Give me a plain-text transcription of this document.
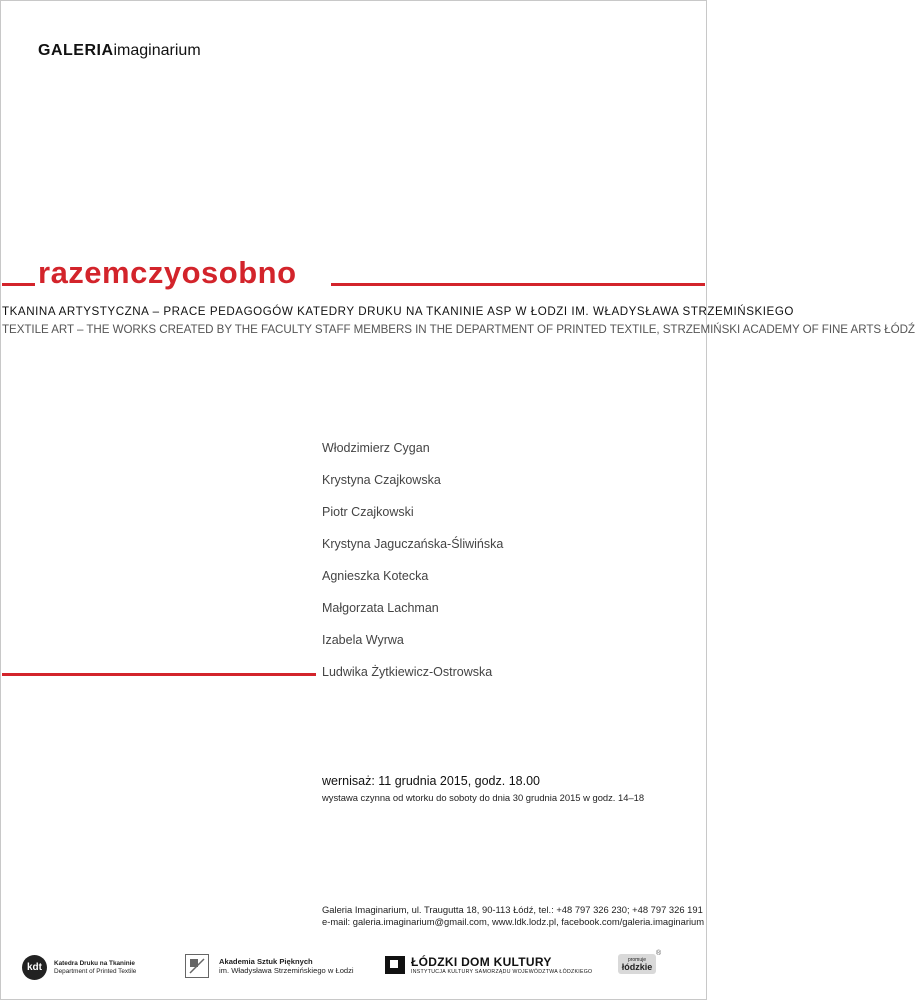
GALERIAimaginarium
razemczyosobno
TKANINA ARTYSTYCZNA – PRACE PEDAGOGÓW KATEDRY DRUKU NA TKANINIE ASP W ŁODZI IM. WŁADYSŁAWA STRZEMIŃSKIEGO
TEXTILE ART – THE WORKS CREATED BY THE FACULTY STAFF MEMBERS IN THE DEPARTMENT OF PRINTED TEXTILE, STRZEMIŃSKI ACADEMY OF FINE ARTS ŁÓDŹ
Włodzimierz Cygan
Krystyna Czajkowska
Piotr Czajkowski
Krystyna Jaguczańska-Śliwińska
Agnieszka Kotecka
Małgorzata Lachman
Izabela Wyrwa
Ludwika Żytkiewicz-Ostrowska
wernisaż: 11 grudnia 2015, godz. 18.00
wystawa czynna od wtorku do soboty do dnia 30 grudnia 2015 w godz. 14–18
Galeria Imaginarium, ul. Traugutta 18, 90-113 Łódź, tel.: +48 797 326 230; +48 797 326 191
e-mail: galeria.imaginarium@gmail.com, www.ldk.lodz.pl, facebook.com/galeria.imaginarium
kdt	Katedra Druku na Tkaninie
Department of Printed Textile
Akademia Sztuk Pięknych
im. Władysława Strzemińskiego w Łodzi
ŁÓDZKI DOM KULTURY
INSTYTUCJA KULTURY SAMORZĄDU WOJEWÓDZTWA ŁÓDZKIEGO
promuje
łódzkie
®
